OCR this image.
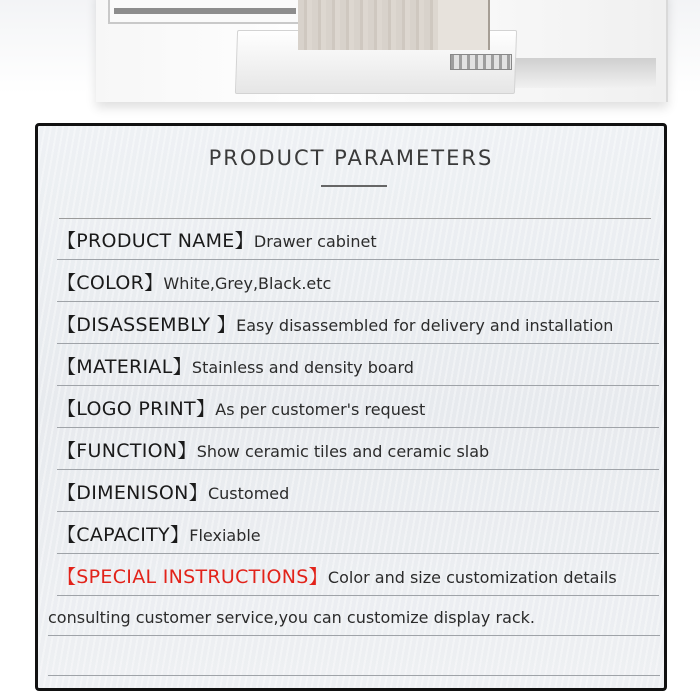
PRODUCT PARAMETERS
【PRODUCT NAME】 Drawer cabinet
【COLOR】 White,Grey,Black.etc
【DISASSEMBLY 】 Easy disassembled for delivery and installation
【MATERIAL】 Stainless and density board
【LOGO PRINT】 As per customer's request
【FUNCTION】 Show ceramic tiles and ceramic slab
【DIMENISON】 Customed
【CAPACITY】 Flexiable
【SPECIAL INSTRUCTIONS】 Color and size customization details
consulting customer service,you can customize display rack.
